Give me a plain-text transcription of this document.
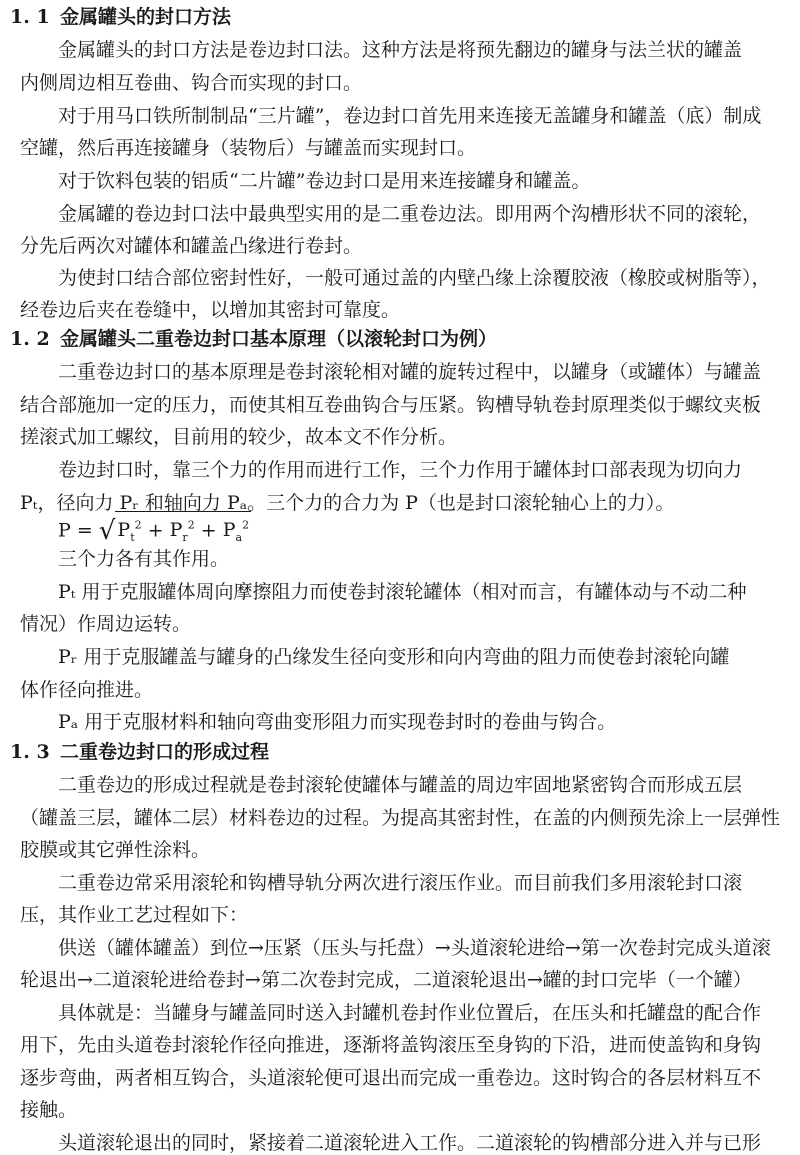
1. 1 金属罐头的封口方法
金属罐头的封口方法是卷边封口法。这种方法是将预先翻边的罐身与法兰状的罐盖
内侧周边相互卷曲、钩合而实现的封口。
对于用马口铁所制制品“三片罐”，卷边封口首先用来连接无盖罐身和罐盖（底）制成
空罐，然后再连接罐身（装物后）与罐盖而实现封口。
对于饮料包装的铝质“二片罐”卷边封口是用来连接罐身和罐盖。
金属罐的卷边封口法中最典型实用的是二重卷边法。即用两个沟槽形状不同的滚轮，
分先后两次对罐体和罐盖凸缘进行卷封。
为使封口结合部位密封性好，一般可通过盖的内壁凸缘上涂覆胶液（橡胶或树脂等），
经卷边后夹在卷缝中，以增加其密封可靠度。
1. 2 金属罐头二重卷边封口基本原理（以滚轮封口为例）
二重卷边封口的基本原理是卷封滚轮相对罐的旋转过程中，以罐身（或罐体）与罐盖
结合部施加一定的压力，而使其相互卷曲钩合与压紧。钩槽导轨卷封原理类似于螺纹夹板
搓滚式加工螺纹，目前用的较少，故本文不作分析。
卷边封口时，靠三个力的作用而进行工作，三个力作用于罐体封口部表现为切向力
Pₜ，径向力 Pᵣ 和轴向力 Pₐ。三个力的合力为 P（也是封口滚轮轴心上的力）。
三个力各有其作用。
Pₜ 用于克服罐体周向摩擦阻力而使卷封滚轮罐体（相对而言，有罐体动与不动二种
情况）作周边运转。
Pᵣ 用于克服罐盖与罐身的凸缘发生径向变形和向内弯曲的阻力而使卷封滚轮向罐
体作径向推进。
Pₐ 用于克服材料和轴向弯曲变形阻力而实现卷封时的卷曲与钩合。
1. 3 二重卷边封口的形成过程
二重卷边的形成过程就是卷封滚轮使罐体与罐盖的周边牢固地紧密钩合而形成五层
（罐盖三层，罐体二层）材料卷边的过程。为提高其密封性，在盖的内侧预先涂上一层弹性
胶膜或其它弹性涂料。
二重卷边常采用滚轮和钩槽导轨分两次进行滚压作业。而目前我们多用滚轮封口滚
压，其作业工艺过程如下：
供送（罐体罐盖）到位→压紧（压头与托盘）→头道滚轮进给→第一次卷封完成头道滚
轮退出→二道滚轮进给卷封→第二次卷封完成，二道滚轮退出→罐的封口完毕（一个罐）
具体就是：当罐身与罐盖同时送入封罐机卷封作业位置后，在压头和托罐盘的配合作
用下，先由头道卷封滚轮作径向推进，逐渐将盖钩滚压至身钩的下沿，进而使盖钩和身钩
逐步弯曲，两者相互钩合，头道滚轮便可退出而完成一重卷边。这时钩合的各层材料互不
接触。
头道滚轮退出的同时，紧接着二道滚轮进入工作。二道滚轮的钩槽部分进入并与已形
P = √ $P_t^2 + P_r^2 + P_a^2$
